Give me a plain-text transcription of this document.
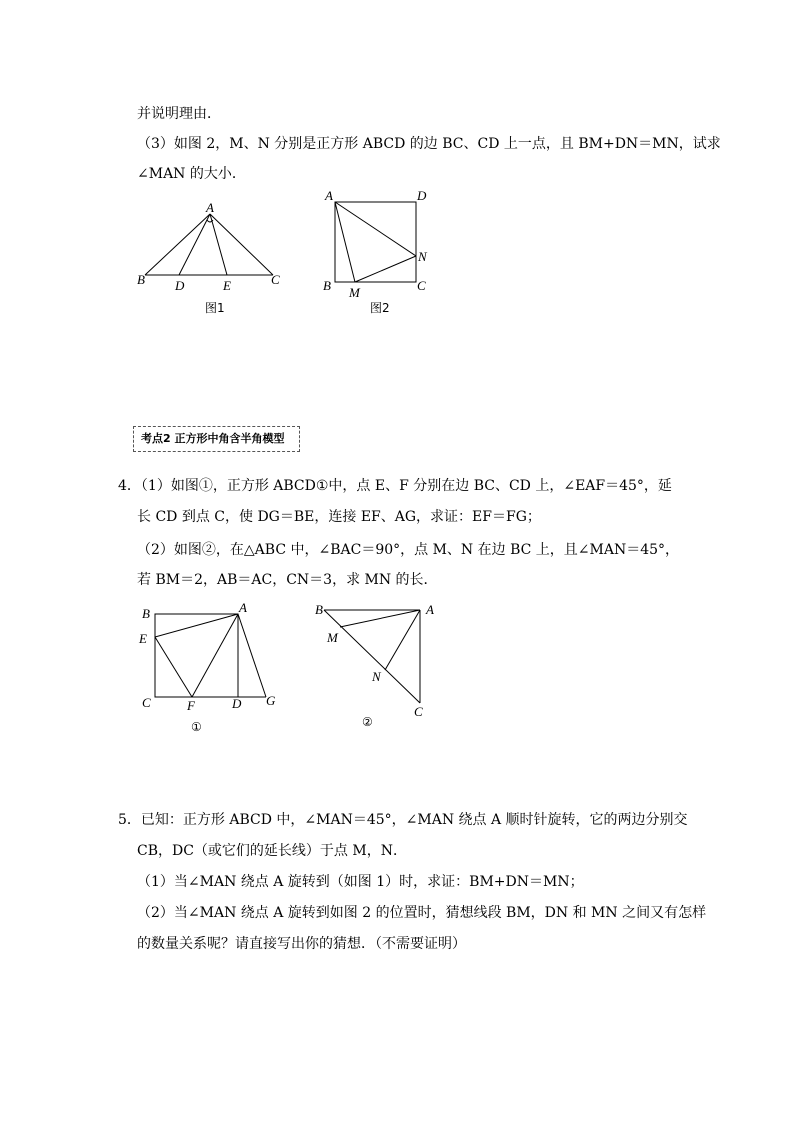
并说明理由．
（3）如图 2，M、N 分别是正方形 ABCD 的边 BC、CD 上一点，且 BM+DN＝MN，试求
∠MAN 的大小．
A
B	C
D	E
图1
A	D
B	C
M
N
图2
考点2 正方形中角含半角模型
4．（1）如图①，正方形 ABCD①中，点 E、F 分别在边 BC、CD 上，∠EAF＝45°，延
长 CD 到点 C，使 DG＝BE，连接 EF、AG，求证：EF＝FG；
（2）如图②，在△ABC 中，∠BAC＝90°，点 M、N 在边 BC 上，且∠MAN＝45°，
若 BM＝2，AB＝AC，CN＝3，求 MN 的长．
A
B
E
C	F	D G
①
B	A
M
N
C
②
5．已知：正方形 ABCD 中，∠MAN＝45°，∠MAN 绕点 A 顺时针旋转，它的两边分别交
CB，DC（或它们的延长线）于点 M，N．
（1）当∠MAN 绕点 A 旋转到（如图 1）时，求证：BM+DN＝MN；
（2）当∠MAN 绕点 A 旋转到如图 2 的位置时，猜想线段 BM，DN 和 MN 之间又有怎样
的数量关系呢？请直接写出你的猜想．（不需要证明）
